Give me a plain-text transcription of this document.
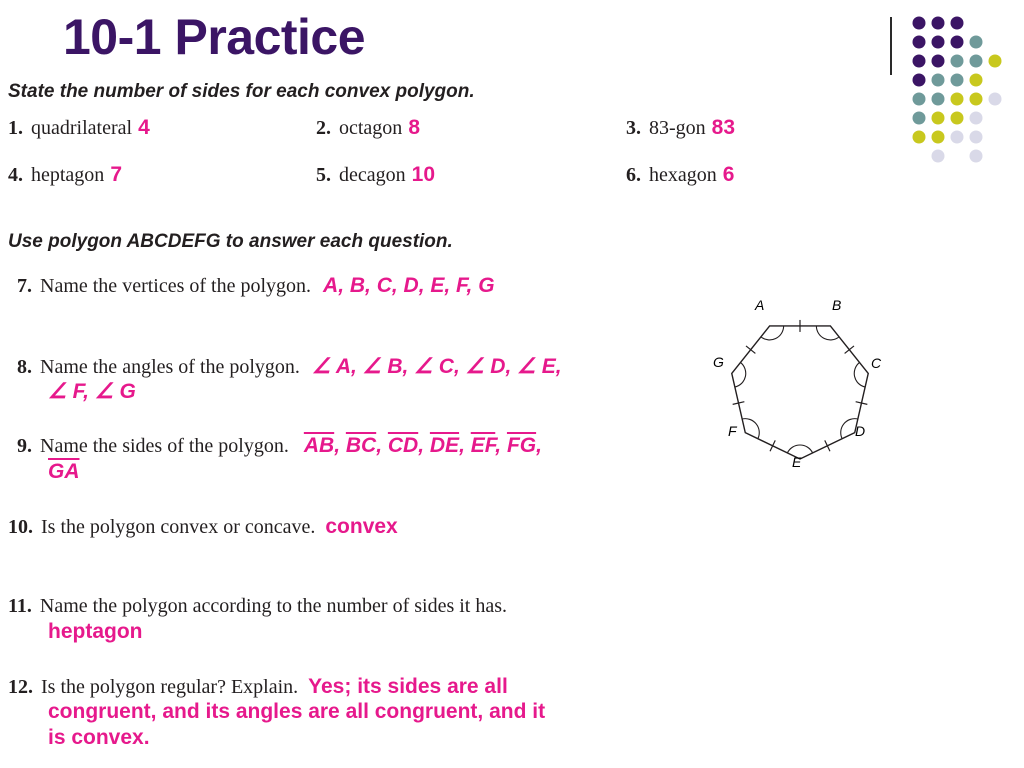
10-1 Practice
State the number of sides for each convex polygon.
1. quadrilateral 4	2. octagon 8	3. 83-gon 83
4. heptagon 7	5. decagon 10	6. hexagon 6
Use polygon ABCDEFG to answer each question.
7. Name the vertices of the polygon. A, B, C, D, E, F, G
8. Name the angles of the polygon. ∠ A, ∠ B, ∠ C, ∠ D, ∠ E,
∠ F, ∠ G
9. Name the sides of the polygon. $\overline{AB}$, $\overline{BC}$, $\overline{CD}$, $\overline{DE}$, $\overline{EF}$, $\overline{FG}$,
$\overline{GA}$
10. Is the polygon convex or concave. convex
11. Name the polygon according to the number of sides it has.
heptagon
12. Is the polygon regular? Explain. Yes; its sides are all
congruent, and its angles are all congruent, and it
is convex.
A	B
C
D
E
F
G
